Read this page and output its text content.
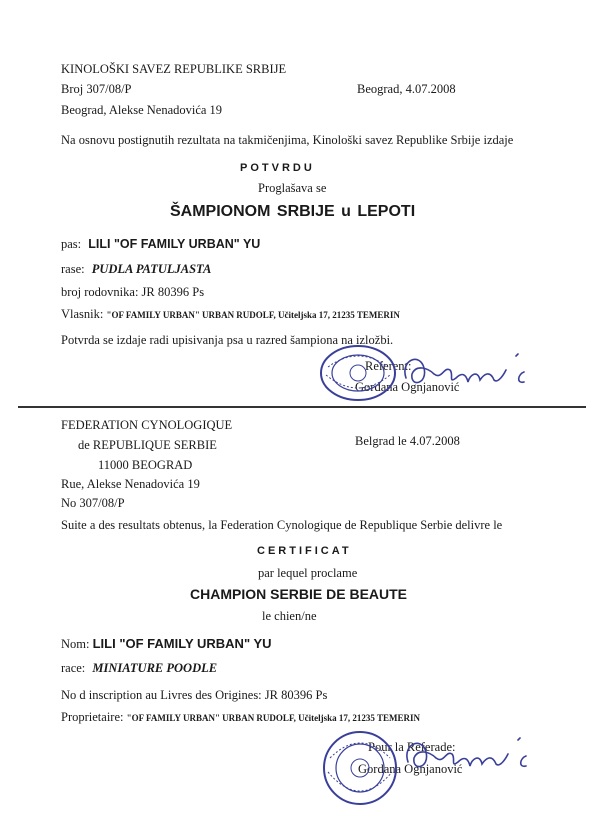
KINOLOŠKI SAVEZ REPUBLIKE SRBIJE
Broj 307/08/P	Beograd, 4.07.2008
Beograd, Alekse Nenadovića 19
Na osnovu postignutih rezultata na takmičenjima, Kinološki savez Republike Srbije izdaje
POTVRDU
Proglašava se
ŠAMPIONOM SRBIJE u LEPOTI
pas: LILI "OF FAMILY URBAN" YU
rase: PUDLA PATULJASTA
broj rodovnika: JR 80396 Ps
Vlasnik: "OF FAMILY URBAN" URBAN RUDOLF, Učiteljska 17, 21235 TEMERIN
Potvrda se izdaje radi upisivanja psa u razred šampiona na izložbi.
Referent:
Gordana Ognjanović
FEDERATION CYNOLOGIQUE
de REPUBLIQUE SERBIE	Belgrad le 4.07.2008
11000 BEOGRAD
Rue, Alekse Nenadovića 19
No 307/08/P
Suite a des resultats obtenus, la Federation Cynologique de Republique Serbie delivre le
CERTIFICAT
par lequel proclame
CHAMPION SERBIE DE BEAUTE
le chien/ne
Nom: LILI "OF FAMILY URBAN" YU
race: MINIATURE POODLE
No d inscription au Livres des Origines: JR 80396 Ps
Proprietaire: "OF FAMILY URBAN" URBAN RUDOLF, Učiteljska 17, 21235 TEMERIN
Pour la Referade:
Gordana Ognjanović
